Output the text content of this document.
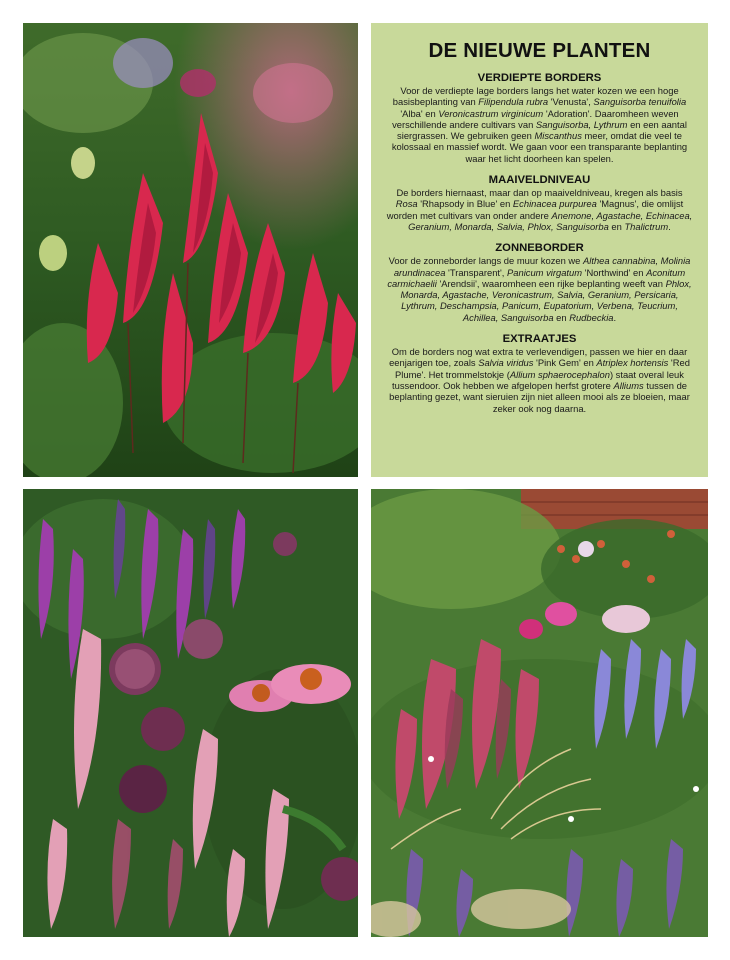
DE NIEUWE PLANTEN
VERDIEPTE BORDERS

Voor de verdiepte lage borders langs het water kozen we een hoge basisbeplanting van Filipendula rubra 'Venusta', Sanguisorba tenuifolia 'Alba' en Veronicastrum virginicum 'Adoration'. Daaromheen weven verschillende andere cultivars van Sanguisorba, Lythrum en een aantal siergrassen. We gebruiken geen Miscanthus meer, omdat die veel te kolossaal en massief wordt. We gaan voor een transparante beplanting waar het licht doorheen kan spelen.

MAAIVELDNIVEAU

De borders hiernaast, maar dan op maaiveldniveau, kregen als basis Rosa 'Rhapsody in Blue' en Echinacea purpurea 'Magnus', die omlijst worden met cultivars van onder andere Anemone, Agastache, Echinacea, Geranium, Monarda, Salvia, Phlox, Sanguisorba en Thalictrum.

ZONNEBORDER

Voor de zonneborder langs de muur kozen we Althea cannabina, Molinia arundinacea 'Transparent', Panicum virgatum 'Northwind' en Aconitum carmichaelii 'Arendsii', waaromheen een rijke beplanting weeft van Phlox, Monarda, Agastache, Veronicastrum, Salvia, Geranium, Persicaria, Lythrum, Deschampsia, Panicum, Eupatorium, Verbena, Teucrium, Achillea, Sanguisorba en Rudbeckia.

EXTRAATJES

Om de borders nog wat extra te verlevendigen, passen we hier en daar eenjarigen toe, zoals Salvia viridus 'Pink Gem' en Atriplex hortensis 'Red Plume'. Het trommelstokje (Allium sphaerocephalon) staat overal leuk tussendoor. Ook hebben we afgelopen herfst grotere Alliums tussen de beplanting gezet, want sieruien zijn niet alleen mooi als ze bloeien, maar zeker ook nog daarna.
